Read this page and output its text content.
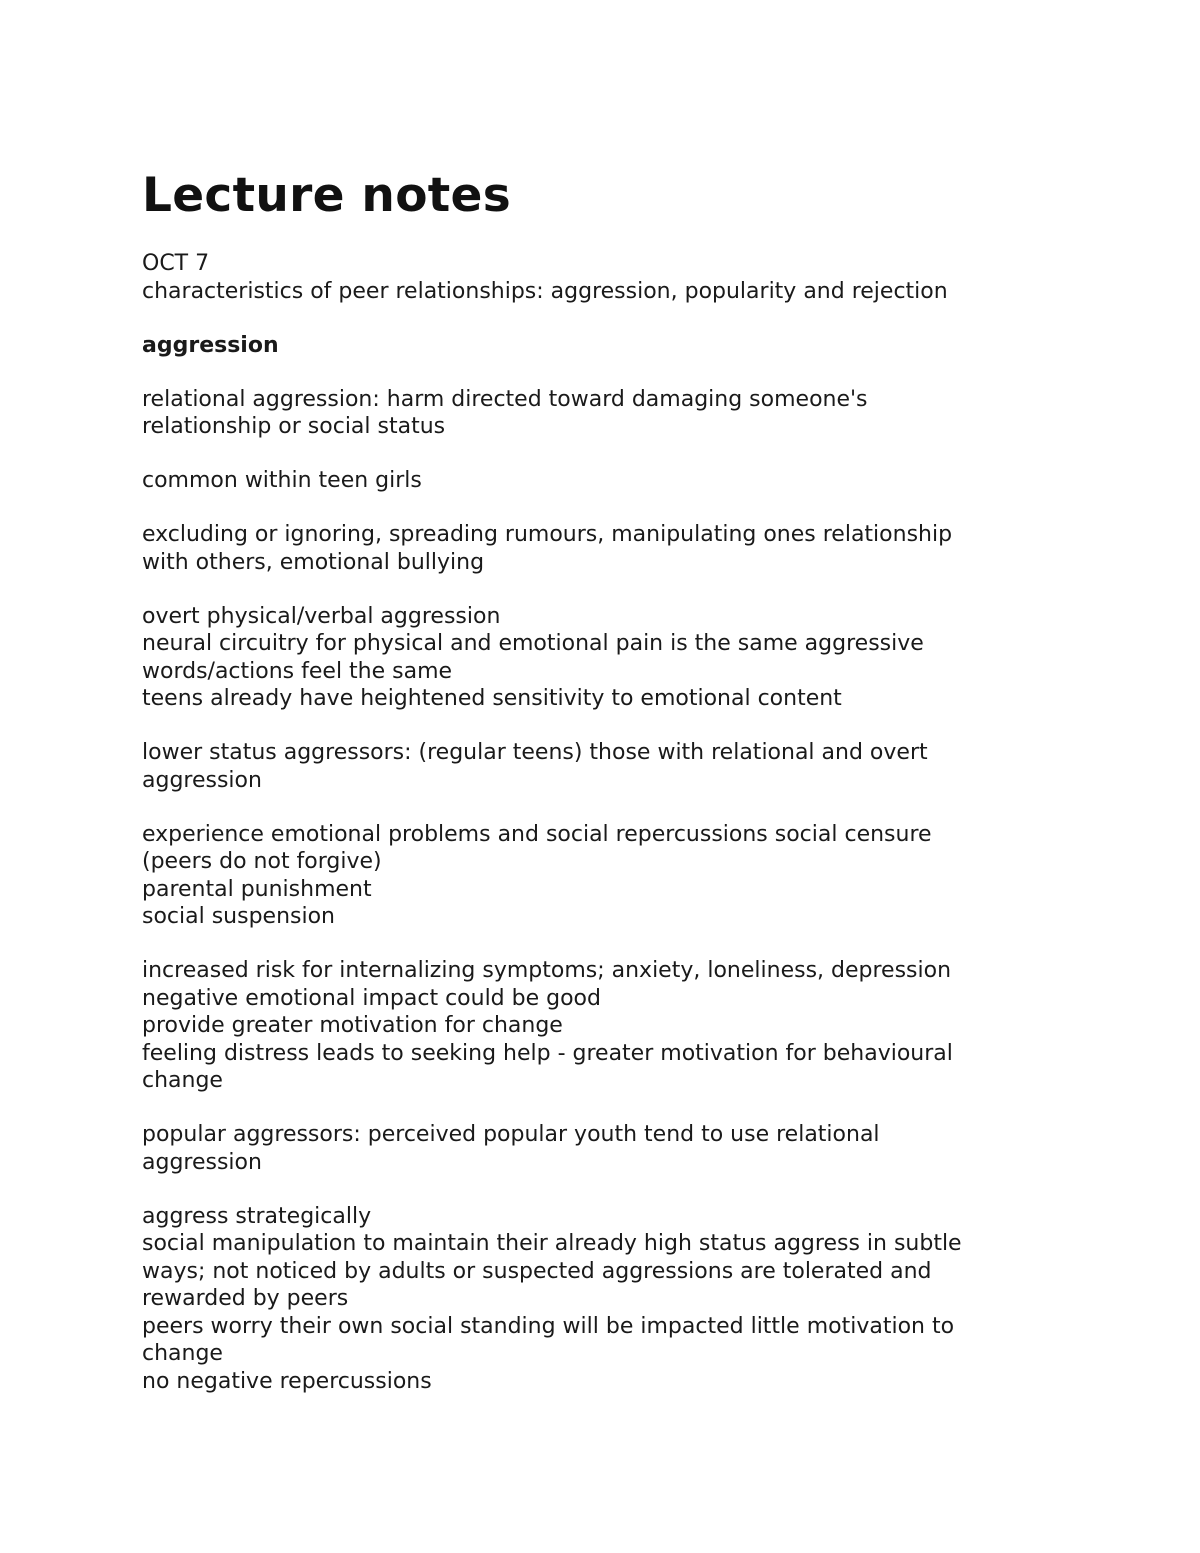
Lecture notes
OCT 7
characteristics of peer relationships: aggression, popularity and rejection
aggression
relational aggression: harm directed toward damaging someone's
relationship or social status
common within teen girls
excluding or ignoring, spreading rumours, manipulating ones relationship
with others, emotional bullying
overt physical/verbal aggression
neural circuitry for physical and emotional pain is the same aggressive
words/actions feel the same
teens already have heightened sensitivity to emotional content
lower status aggressors: (regular teens) those with relational and overt
aggression
experience emotional problems and social repercussions social censure
(peers do not forgive)
parental punishment
social suspension
increased risk for internalizing symptoms; anxiety, loneliness, depression
negative emotional impact could be good
provide greater motivation for change
feeling distress leads to seeking help - greater motivation for behavioural
change
popular aggressors: perceived popular youth tend to use relational
aggression
aggress strategically
social manipulation to maintain their already high status aggress in subtle
ways; not noticed by adults or suspected aggressions are tolerated and
rewarded by peers
peers worry their own social standing will be impacted little motivation to
change
no negative repercussions
